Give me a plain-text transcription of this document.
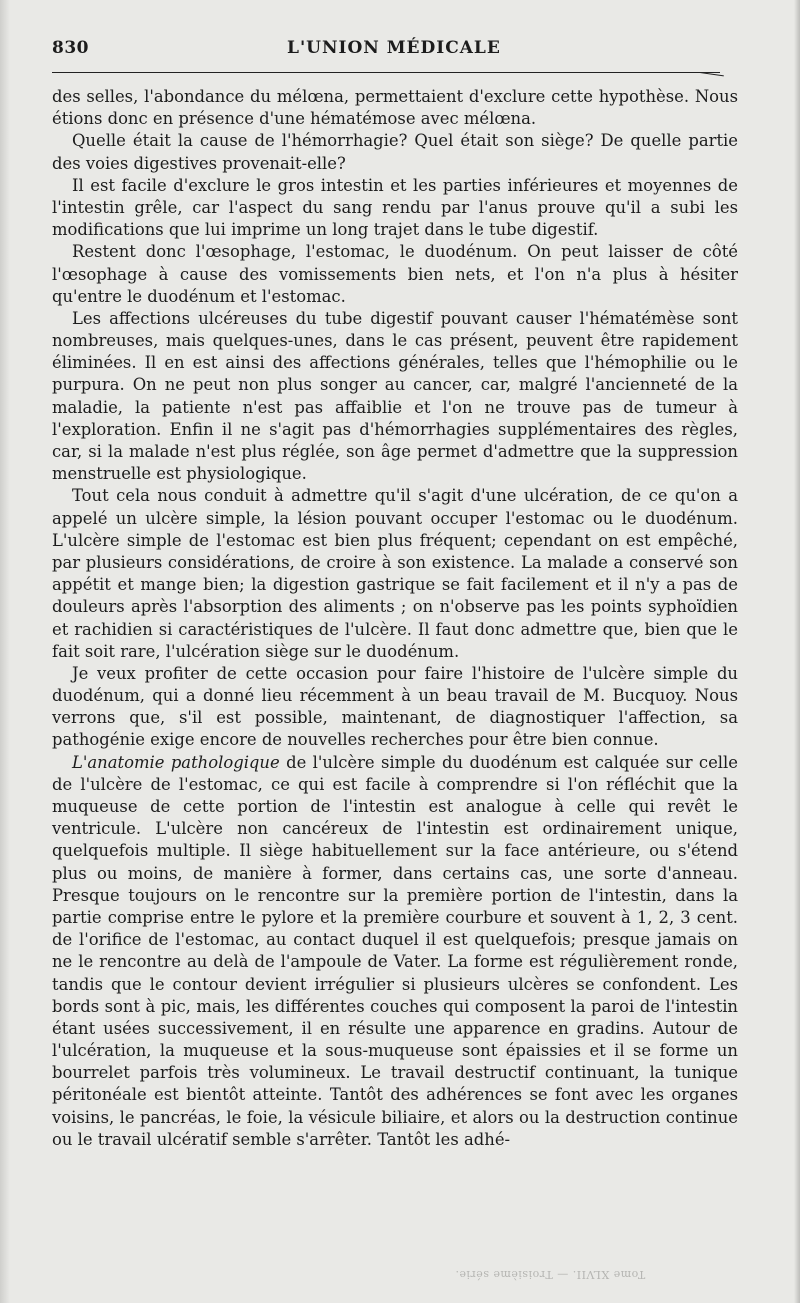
830	L'UNION MÉDICALE

des selles, l'abondance du mélœna, permettaient d'exclure cette hypothèse. Nous étions donc en présence d'une hématémose avec mélœna.

Quelle était la cause de l'hémorrhagie? Quel était son siège? De quelle partie des voies digestives provenait-elle?

Il est facile d'exclure le gros intestin et les parties inférieures et moyennes de l'intestin grêle, car l'aspect du sang rendu par l'anus prouve qu'il a subi les modifications que lui imprime un long trajet dans le tube digestif.

Restent donc l'œsophage, l'estomac, le duodénum. On peut laisser de côté l'œsophage à cause des vomissements bien nets, et l'on n'a plus à hésiter qu'entre le duodénum et l'estomac.

Les affections ulcéreuses du tube digestif pouvant causer l'hématémèse sont nombreuses, mais quelques-unes, dans le cas présent, peuvent être rapidement éliminées. Il en est ainsi des affections générales, telles que l'hémophilie ou le purpura. On ne peut non plus songer au cancer, car, malgré l'ancienneté de la maladie, la patiente n'est pas affaiblie et l'on ne trouve pas de tumeur à l'exploration. Enfin il ne s'agit pas d'hémorrhagies supplémentaires des règles, car, si la malade n'est plus réglée, son âge permet d'admettre que la suppression menstruelle est physiologique.

Tout cela nous conduit à admettre qu'il s'agit d'une ulcération, de ce qu'on a appelé un ulcère simple, la lésion pouvant occuper l'estomac ou le duodénum. L'ulcère simple de l'estomac est bien plus fréquent; cependant on est empêché, par plusieurs considérations, de croire à son existence. La malade a conservé son appétit et mange bien; la digestion gastrique se fait facilement et il n'y a pas de douleurs après l'absorption des aliments ; on n'observe pas les points syphoïdien et rachidien si caractéristiques de l'ulcère. Il faut donc admettre que, bien que le fait soit rare, l'ulcération siège sur le duodénum.

Je veux profiter de cette occasion pour faire l'histoire de l'ulcère simple du duodénum, qui a donné lieu récemment à un beau travail de M. Bucquoy. Nous verrons que, s'il est possible, maintenant, de diagnostiquer l'affection, sa pathogénie exige encore de nouvelles recherches pour être bien connue.

L'anatomie pathologique de l'ulcère simple du duodénum est calquée sur celle de l'ulcère de l'estomac, ce qui est facile à comprendre si l'on réfléchit que la muqueuse de cette portion de l'intestin est analogue à celle qui revêt le ventricule. L'ulcère non cancéreux de l'intestin est ordinairement unique, quelquefois multiple. Il siège habituellement sur la face antérieure, ou s'étend plus ou moins, de manière à former, dans certains cas, une sorte d'anneau. Presque toujours on le rencontre sur la première portion de l'intestin, dans la partie comprise entre le pylore et la première courbure et souvent à 1, 2, 3 cent. de l'orifice de l'estomac, au contact duquel il est quelquefois; presque jamais on ne le rencontre au delà de l'ampoule de Vater. La forme est régulièrement ronde, tandis que le contour devient irrégulier si plusieurs ulcères se confondent. Les bords sont à pic, mais, les différentes couches qui composent la paroi de l'intestin étant usées successivement, il en résulte une apparence en gradins. Autour de l'ulcération, la muqueuse et la sous-muqueuse sont épaissies et il se forme un bourrelet parfois très volumineux. Le travail destructif continuant, la tunique péritonéale est bientôt atteinte. Tantôt des adhérences se font avec les organes voisins, le pancréas, le foie, la vésicule biliaire, et alors ou la destruction continue ou le travail ulcératif semble s'arrêter. Tantôt les adhé-

Tome XLVII. — Troisième série.
